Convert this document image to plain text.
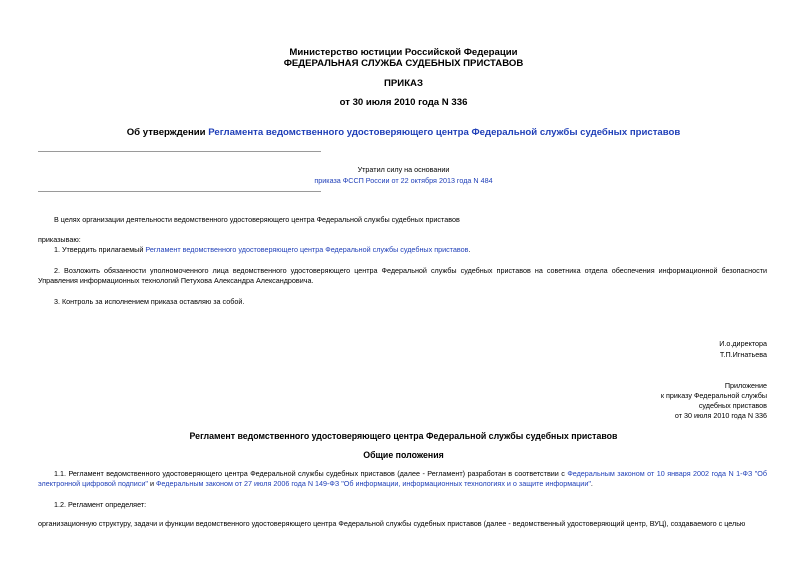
Министерство юстиции Российской Федерации
ФЕДЕРАЛЬНАЯ СЛУЖБА СУДЕБНЫХ ПРИСТАВОВ
ПРИКАЗ
от 30 июля 2010 года N 336
Об утверждении Регламента ведомственного удостоверяющего центра Федеральной службы судебных приставов
Утратил силу на основании
приказа ФССП России от 22 октября 2013 года N 484
В целях организации деятельности ведомственного удостоверяющего центра Федеральной службы судебных приставов
приказываю:
1. Утвердить прилагаемый Регламент ведомственного удостоверяющего центра Федеральной службы судебных приставов.
2. Возложить обязанности уполномоченного лица ведомственного удостоверяющего центра Федеральной службы судебных приставов на советника отдела обеспечения информационной безопасности Управления информационных технологий Петухова Александра Александровича.
3. Контроль за исполнением приказа оставляю за собой.
И.о.директора
Т.П.Игнатьева
Приложение
к приказу Федеральной службы
судебных приставов
от 30 июля 2010 года N 336
Регламент ведомственного удостоверяющего центра Федеральной службы судебных приставов
Общие положения
1.1. Регламент ведомственного удостоверяющего центра Федеральной службы судебных приставов (далее - Регламент) разработан в соответствии с Федеральным законом от 10 января 2002 года N 1-ФЗ "Об электронной цифровой подписи" и Федеральным законом от 27 июля 2006 года N 149-ФЗ "Об информации, информационных технологиях и о защите информации".
1.2. Регламент определяет:
организационную структуру, задачи и функции ведомственного удостоверяющего центра Федеральной службы судебных приставов (далее - ведомственный удостоверяющий центр, ВУЦ), создаваемого с целью
